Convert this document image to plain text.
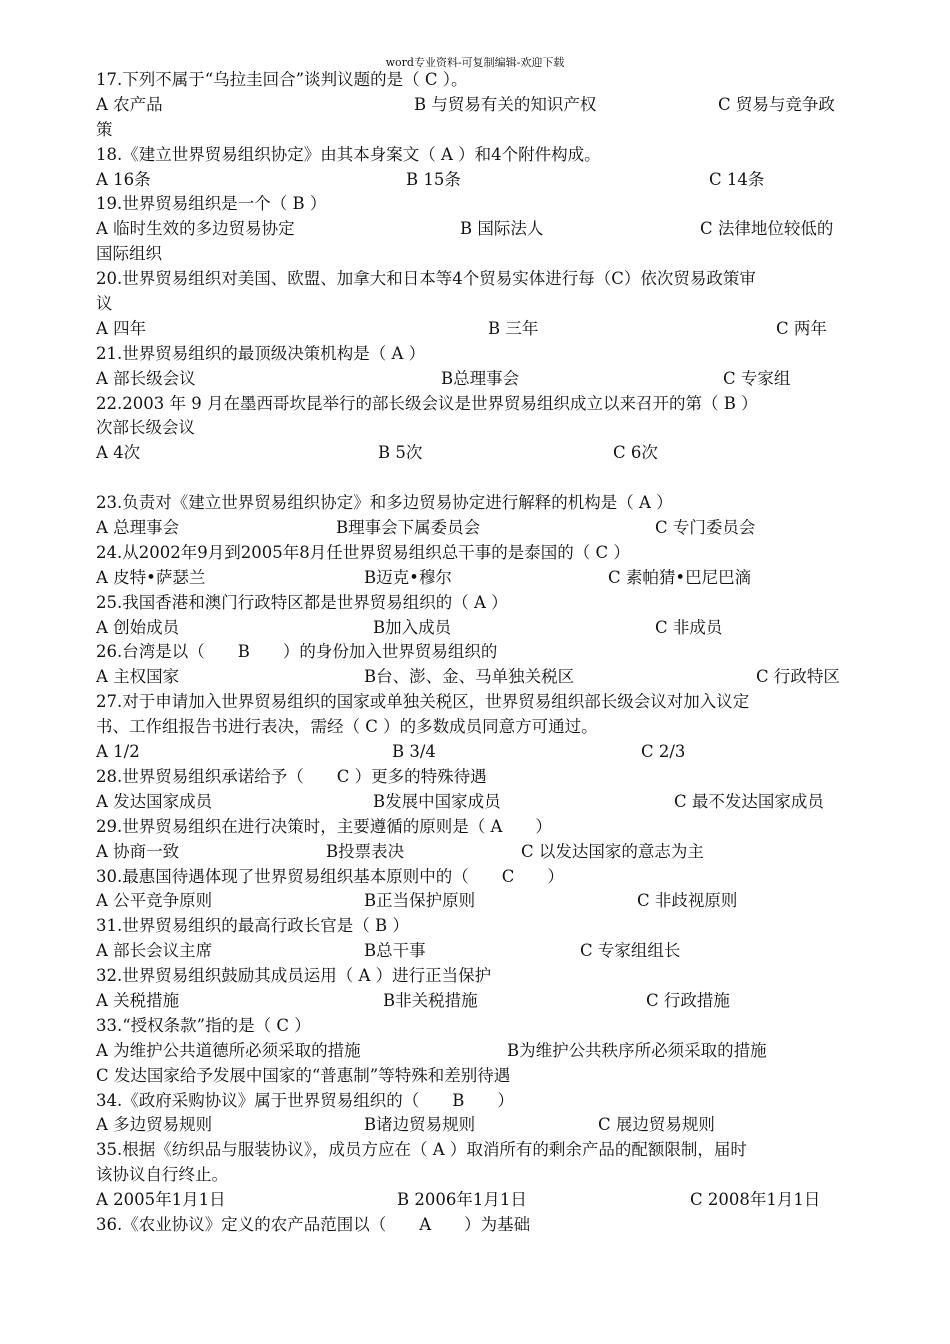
word专业资料-可复制编辑-欢迎下载
17.下列不属于“乌拉圭回合”谈判议题的是（ C ）。
A 农产品	B 与贸易有关的知识产权	C 贸易与竞争政
策
18.《建立世界贸易组织协定》由其本身案文（ A ）和4个附件构成。
A 16条	B 15条	C 14条
19.世界贸易组织是一个（ B ）
A 临时生效的多边贸易协定	B 国际法人	C 法律地位较低的
国际组织
20.世界贸易组织对美国、欧盟、加拿大和日本等4个贸易实体进行每（C）依次贸易政策审
议
A 四年	B 三年	C 两年
21.世界贸易组织的最顶级决策机构是（ A ）
A 部长级会议	B总理事会	C 专家组
22.2003 年 9 月在墨西哥坎昆举行的部长级会议是世界贸易组织成立以来召开的第（ B ）
次部长级会议
A 4次	B 5次	C 6次
23.负责对《建立世界贸易组织协定》和多边贸易协定进行解释的机构是（ A ）
A 总理事会	B理事会下属委员会	C 专门委员会
24.从2002年9月到2005年8月任世界贸易组织总干事的是泰国的（ C ）
A 皮特•萨瑟兰	B迈克•穆尔	C 素帕猜•巴尼巴滴
25.我国香港和澳门行政特区都是世界贸易组织的（ A ）
A 创始成员	B加入成员	C 非成员
26.台湾是以（　　B　　）的身份加入世界贸易组织的
A 主权国家	B台、澎、金、马单独关税区	C 行政特区
27.对于申请加入世界贸易组织的国家或单独关税区，世界贸易组织部长级会议对加入议定
书、工作组报告书进行表决，需经（ C ）的多数成员同意方可通过。
A 1/2	B 3/4	C 2/3
28.世界贸易组织承诺给予（　　C ）更多的特殊待遇
A 发达国家成员	B发展中国家成员	C 最不发达国家成员
29.世界贸易组织在进行决策时，主要遵循的原则是（ A　　）
A 协商一致	B投票表决	C 以发达国家的意志为主
30.最惠国待遇体现了世界贸易组织基本原则中的（　　C　　）
A 公平竞争原则	B正当保护原则	C 非歧视原则
31.世界贸易组织的最高行政长官是（ B ）
A 部长会议主席	B总干事	C 专家组组长
32.世界贸易组织鼓励其成员运用（ A ）进行正当保护
A 关税措施	B非关税措施	C 行政措施
33.“授权条款”指的是（ C ）
A 为维护公共道德所必须采取的措施	B为维护公共秩序所必须采取的措施
C 发达国家给予发展中国家的“普惠制”等特殊和差别待遇
34.《政府采购协议》属于世界贸易组织的（　　B　　）
A 多边贸易规则	B诸边贸易规则	C 展边贸易规则
35.根据《纺织品与服装协议》，成员方应在（ A ）取消所有的剩余产品的配额限制，届时
该协议自行终止。
A 2005年1月1日	B 2006年1月1日	C 2008年1月1日
36.《农业协议》定义的农产品范围以（　　A　　）为基础
